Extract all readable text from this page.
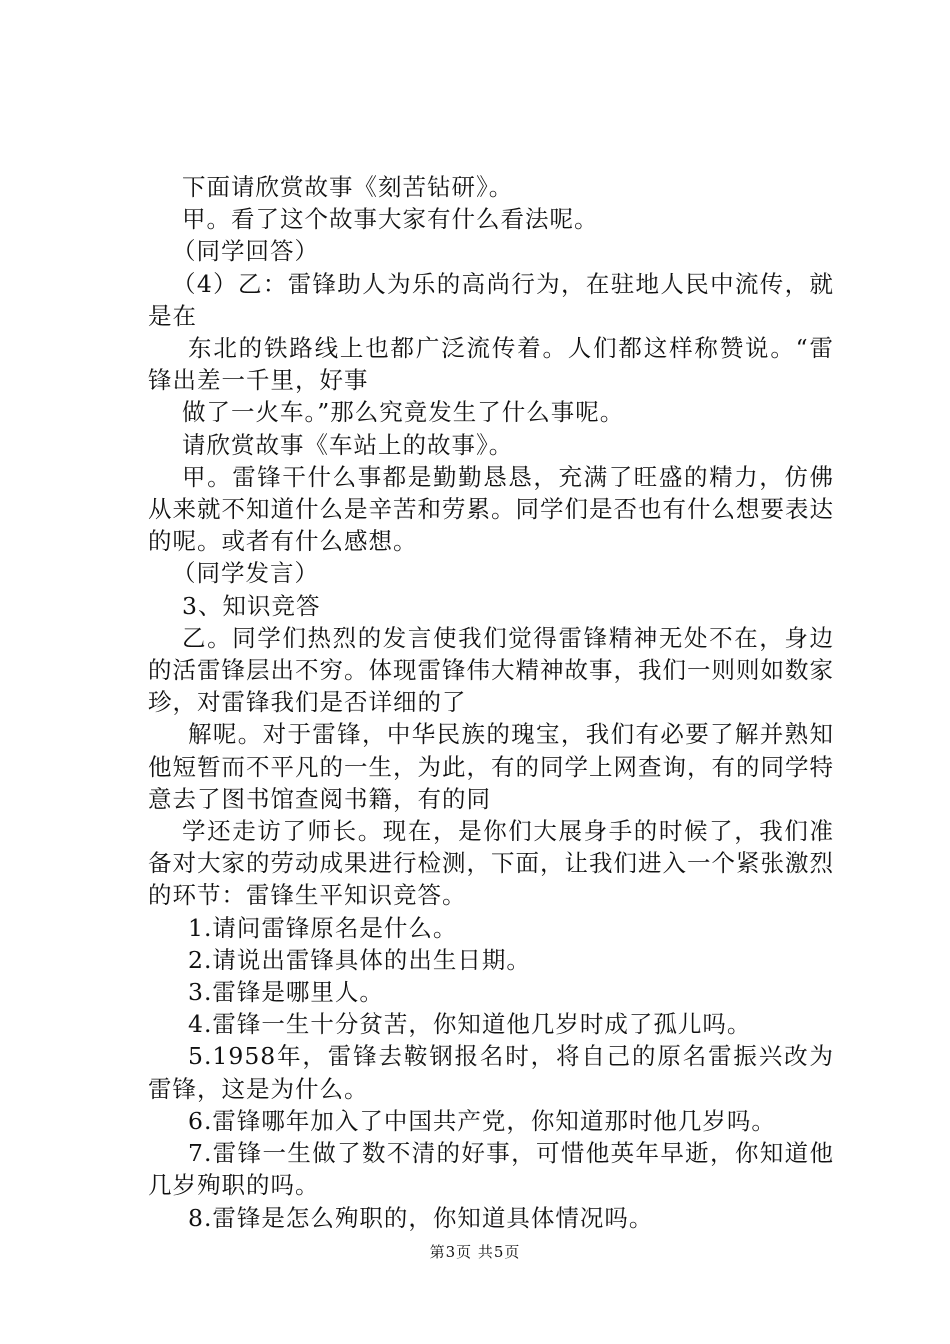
下面请欣赏故事《刻苦钻研》。

甲。看了这个故事大家有什么看法呢。

（同学回答）

（4）乙：雷锋助人为乐的高尚行为，在驻地人民中流传，就是在

东北的铁路线上也都广泛流传着。人们都这样称赞说。“雷锋出差一千里，好事

做了一火车。”那么究竟发生了什么事呢。

请欣赏故事《车站上的故事》。

甲。雷锋干什么事都是勤勤恳恳，充满了旺盛的精力，仿佛从来就不知道什么是辛苦和劳累。同学们是否也有什么想要表达的呢。或者有什么感想。

（同学发言）

3、知识竞答

乙。同学们热烈的发言使我们觉得雷锋精神无处不在，身边的活雷锋层出不穷。体现雷锋伟大精神故事，我们一则则如数家珍，对雷锋我们是否详细的了

解呢。对于雷锋，中华民族的瑰宝，我们有必要了解并熟知他短暂而不平凡的一生，为此，有的同学上网查询，有的同学特意去了图书馆查阅书籍，有的同

学还走访了师长。现在，是你们大展身手的时候了，我们准备对大家的劳动成果进行检测，下面，让我们进入一个紧张激烈的环节：雷锋生平知识竞答。

1.请问雷锋原名是什么。

2.请说出雷锋具体的出生日期。

3.雷锋是哪里人。

4.雷锋一生十分贫苦，你知道他几岁时成了孤儿吗。

5.1958年，雷锋去鞍钢报名时，将自己的原名雷振兴改为雷锋，这是为什么。

6.雷锋哪年加入了中国共产党，你知道那时他几岁吗。

7.雷锋一生做了数不清的好事，可惜他英年早逝，你知道他几岁殉职的吗。

8.雷锋是怎么殉职的，你知道具体情况吗。

第3页 共5页
